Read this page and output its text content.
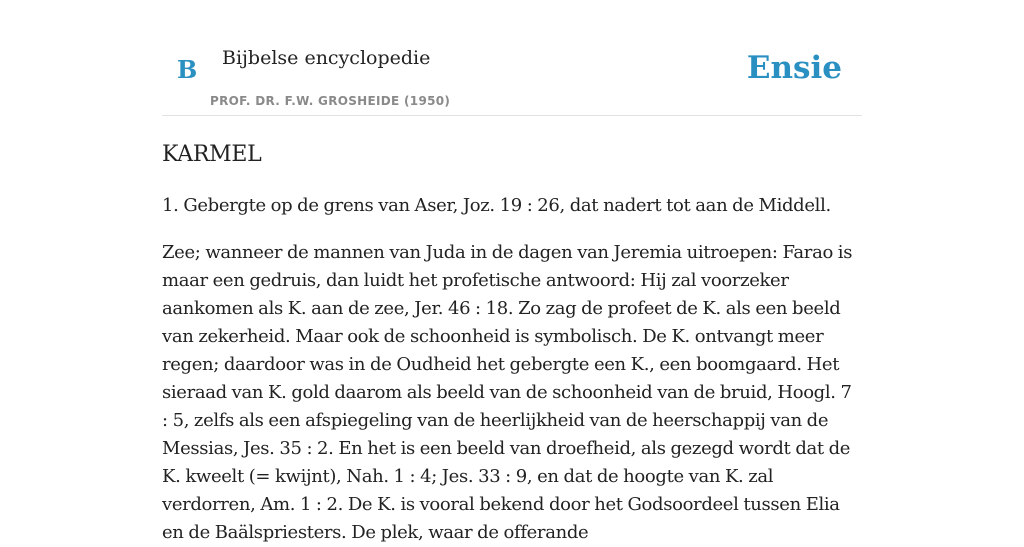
B Bijbelse encyclopedie
PROF. DR. F.W. GROSHEIDE (1950)
Ensie
KARMEL

1. Gebergte op de grens van Aser, Joz. 19 : 26, dat nadert tot aan de Middell.

Zee; wanneer de mannen van Juda in de dagen van Jeremia uitroepen: Farao is maar een gedruis, dan luidt het profetische antwoord: Hij zal voorzeker aankomen als K. aan de zee, Jer. 46 : 18. Zo zag de profeet de K. als een beeld van zekerheid. Maar ook de schoonheid is symbolisch. De K. ontvangt meer regen; daardoor was in de Oudheid het gebergte een K., een boomgaard. Het sieraad van K. gold daarom als beeld van de schoonheid van de bruid, Hoogl. 7 : 5, zelfs als een afspiegeling van de heerlijkheid van de heerschappij van de Messias, Jes. 35 : 2. En het is een beeld van droefheid, als gezegd wordt dat de K. kweelt (= kwijnt), Nah. 1 : 4; Jes. 33 : 9, en dat de hoogte van K. zal verdorren, Am. 1 : 2. De K. is vooral bekend door het Godsoordeel tussen Elia en de Baälspriesters. De plek, waar de offerande
